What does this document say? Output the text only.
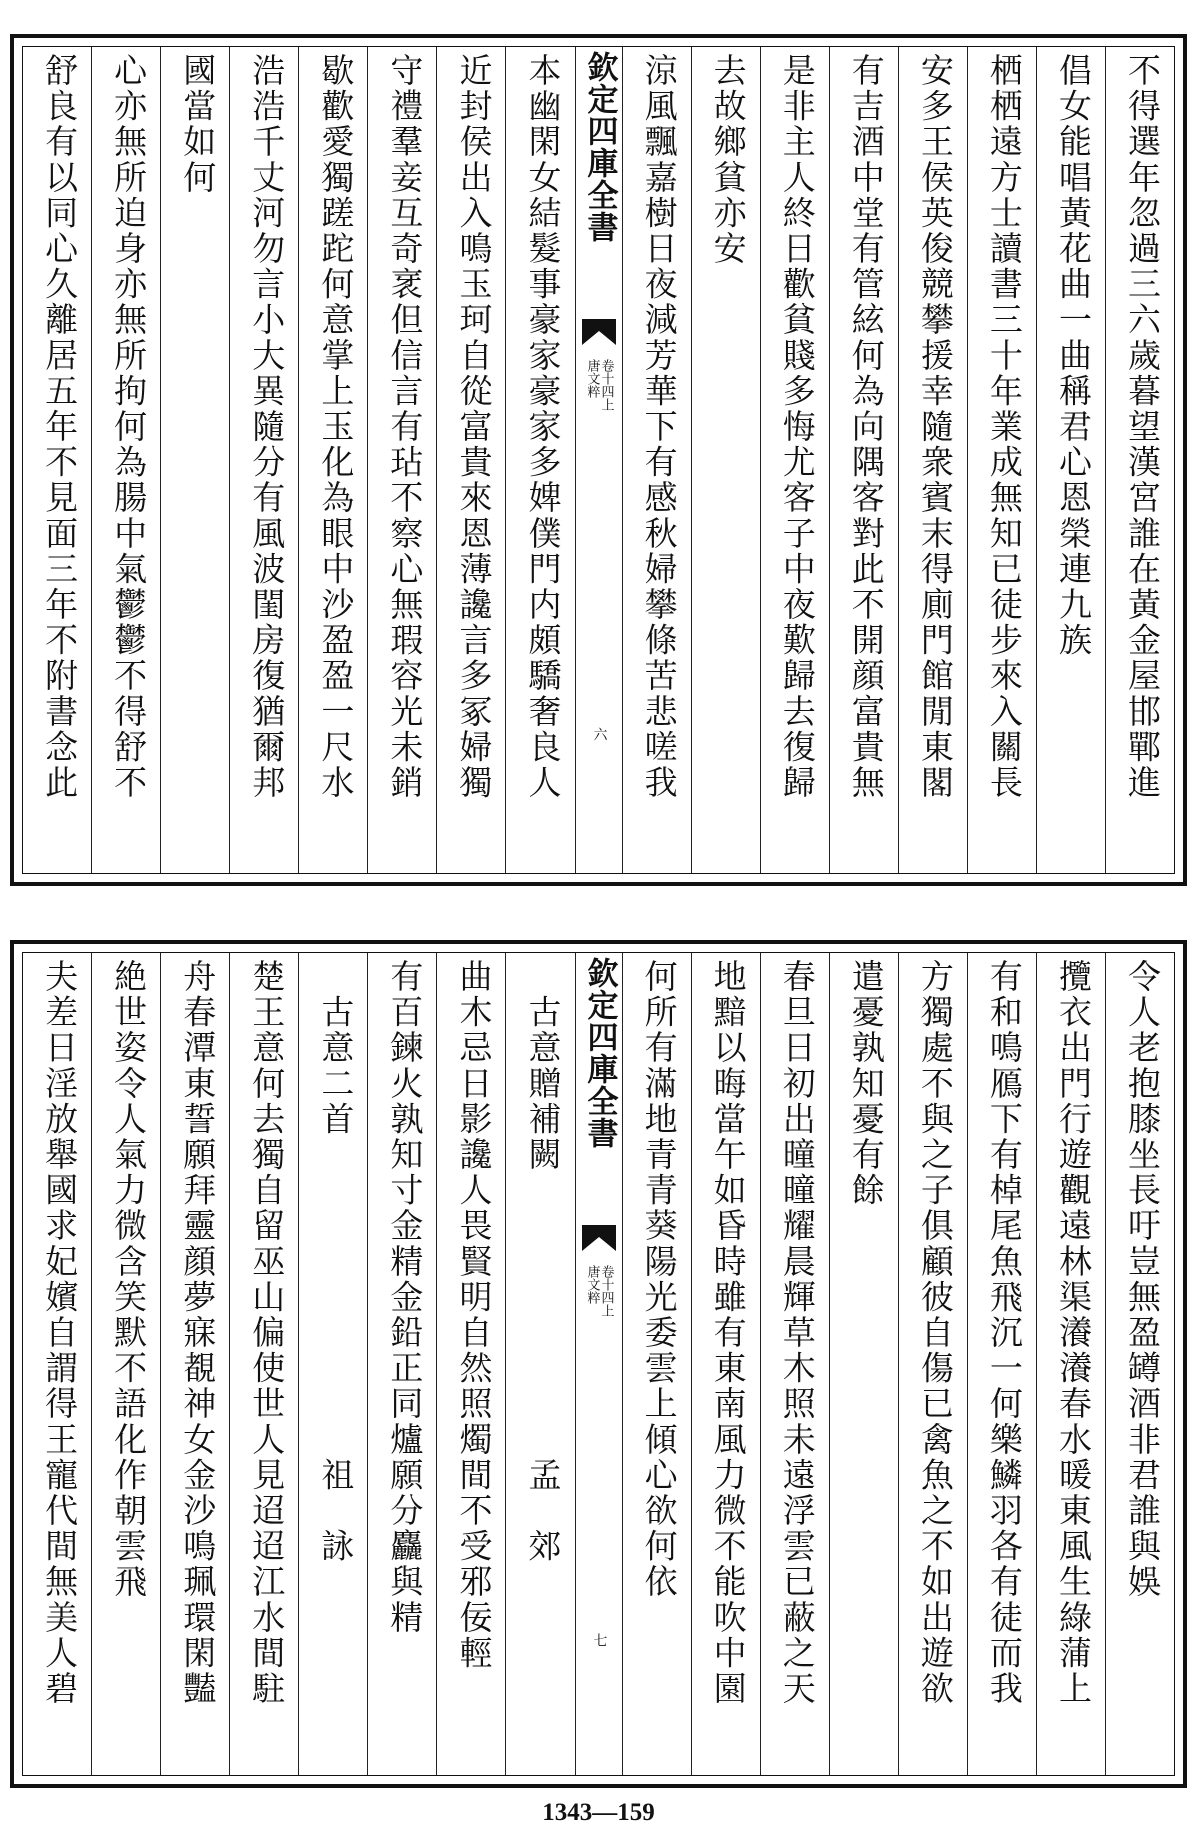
不得選年忽過三六歲暮望漢宮誰在黃金屋邯鄲進
倡女能唱黃花曲一曲稱君心恩榮連九族
栖栖遠方士讀書三十年業成無知已徒步來入關長
安多王侯英俊競攀援幸隨衆賓末得廁門館閒東閣
有吉酒中堂有管絃何為向隅客對此不開顔富貴無
是非主人終日歡貧賤多悔尤客子中夜歎歸去復歸
去故鄉貧亦安
涼風飄嘉樹日夜減芳華下有感秋婦攀條苦悲嗟我
欽定四庫全書
唐文粹 卷十四上
六
本幽閑女結髮事豪家豪家多婢僕門内頗驕奢良人
近封侯出入鳴玉珂自從富貴來恩薄讒言多冢婦獨
守禮羣妾互奇衺但信言有玷不察心無瑕容光未銷
歇歡愛獨蹉跎何意掌上玉化為眼中沙盈盈一尺水
浩浩千丈河勿言小大異隨分有風波閨房復猶爾邦
國當如何
心亦無所迫身亦無所拘何為腸中氣鬱鬱不得舒不
舒良有以同心久離居五年不見面三年不附書念此
令人老抱膝坐長吁豈無盈罇酒非君誰與娛
攬衣出門行遊觀遠林渠瀁瀁春水暖東風生綠蒲上
有和鳴鴈下有棹尾魚飛沉一何樂鱗羽各有徒而我
方獨處不與之子俱顧彼自傷已禽魚之不如出遊欲
遣憂孰知憂有餘
春旦日初出曈曈耀晨輝草木照未遠浮雲已蔽之天
地黯以晦當午如昏時雖有東南風力微不能吹中園
何所有滿地青青葵陽光委雲上傾心欲何依
欽定四庫全書
唐文粹 卷十四上
七
　古意贈補闕　　　　　　　　孟　郊
曲木忌日影讒人畏賢明自然照燭間不受邪佞輕
有百鍊火孰知寸金精金鉛正同爐願分麤與精
　古意二首　　　　　　　　　祖　詠
楚王意何去獨自留巫山偏使世人見迢迢江水間駐
舟春潭東誓願拜靈顔夢寐覩神女金沙鳴珮環閑豔
絶世姿令人氣力微含笑默不語化作朝雲飛
夫差日淫放舉國求妃嬪自謂得王寵代間無美人碧
1343—159
